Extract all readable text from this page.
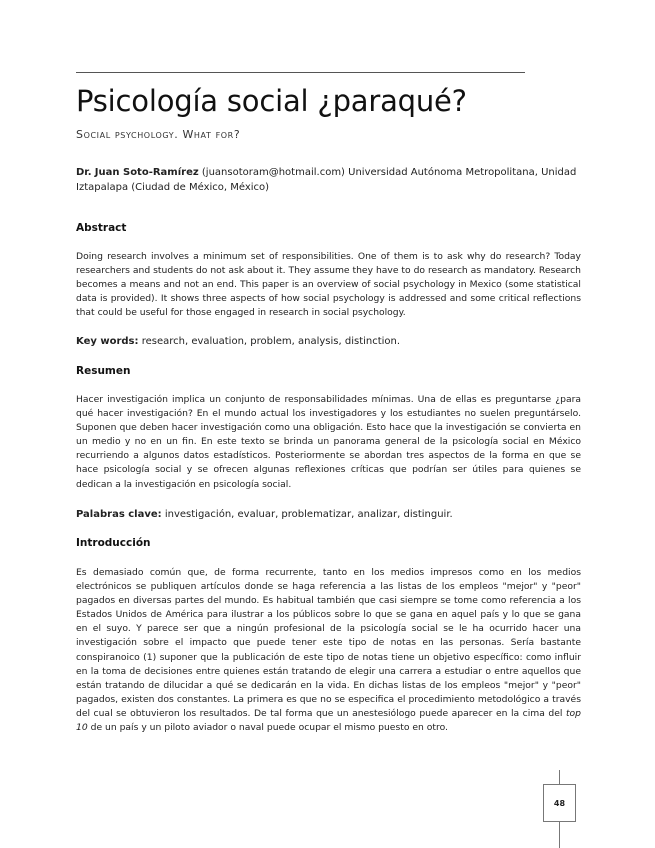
Psicología social ¿paraqué?

Social psychology. What for?

Dr. Juan Soto-Ramírez (juansotoram@hotmail.com) Universidad Autónoma Metropolitana, Unidad Iztapalapa (Ciudad de México, México)

Abstract

Doing research involves a minimum set of responsibilities. One of them is to ask why do research? Today researchers and students do not ask about it. They assume they have to do research as mandatory. Research becomes a means and not an end. This paper is an overview of social psychology in Mexico (some statistical data is provided). It shows three aspects of how social psychology is addressed and some critical reflections that could be useful for those engaged in research in social psychology.

Key words: research, evaluation, problem, analysis, distinction.

Resumen

Hacer investigación implica un conjunto de responsabilidades mínimas. Una de ellas es preguntarse ¿para qué hacer investigación? En el mundo actual los investigadores y los estudiantes no suelen preguntárselo. Suponen que deben hacer investigación como una obligación. Esto hace que la investigación se convierta en un medio y no en un fin. En este texto se brinda un panorama general de la psicología social en México recurriendo a algunos datos estadísticos. Posteriormente se abordan tres aspectos de la forma en que se hace psicología social y se ofrecen algunas reflexiones críticas que podrían ser útiles para quienes se dedican a la investigación en psicología social.

Palabras clave: investigación, evaluar, problematizar, analizar, distinguir.

Introducción

Es demasiado común que, de forma recurrente, tanto en los medios impresos como en los medios electrónicos se publiquen artículos donde se haga referencia a las listas de los empleos "mejor" y "peor" pagados en diversas partes del mundo. Es habitual también que casi siempre se tome como referencia a los Estados Unidos de América para ilustrar a los públicos sobre lo que se gana en aquel país y lo que se gana en el suyo. Y parece ser que a ningún profesional de la psicología social se le ha ocurrido hacer una investigación sobre el impacto que puede tener este tipo de notas en las personas. Sería bastante conspiranoico (1) suponer que la publicación de este tipo de notas tiene un objetivo específico: como influir en la toma de decisiones entre quienes están tratando de elegir una carrera a estudiar o entre aquellos que están tratando de dilucidar a qué se dedicarán en la vida. En dichas listas de los empleos "mejor" y "peor" pagados, existen dos constantes. La primera es que no se especifica el procedimiento metodológico a través del cual se obtuvieron los resultados. De tal forma que un anestesiólogo puede aparecer en la cima del top 10 de un país y un piloto aviador o naval puede ocupar el mismo puesto en otro.

48
